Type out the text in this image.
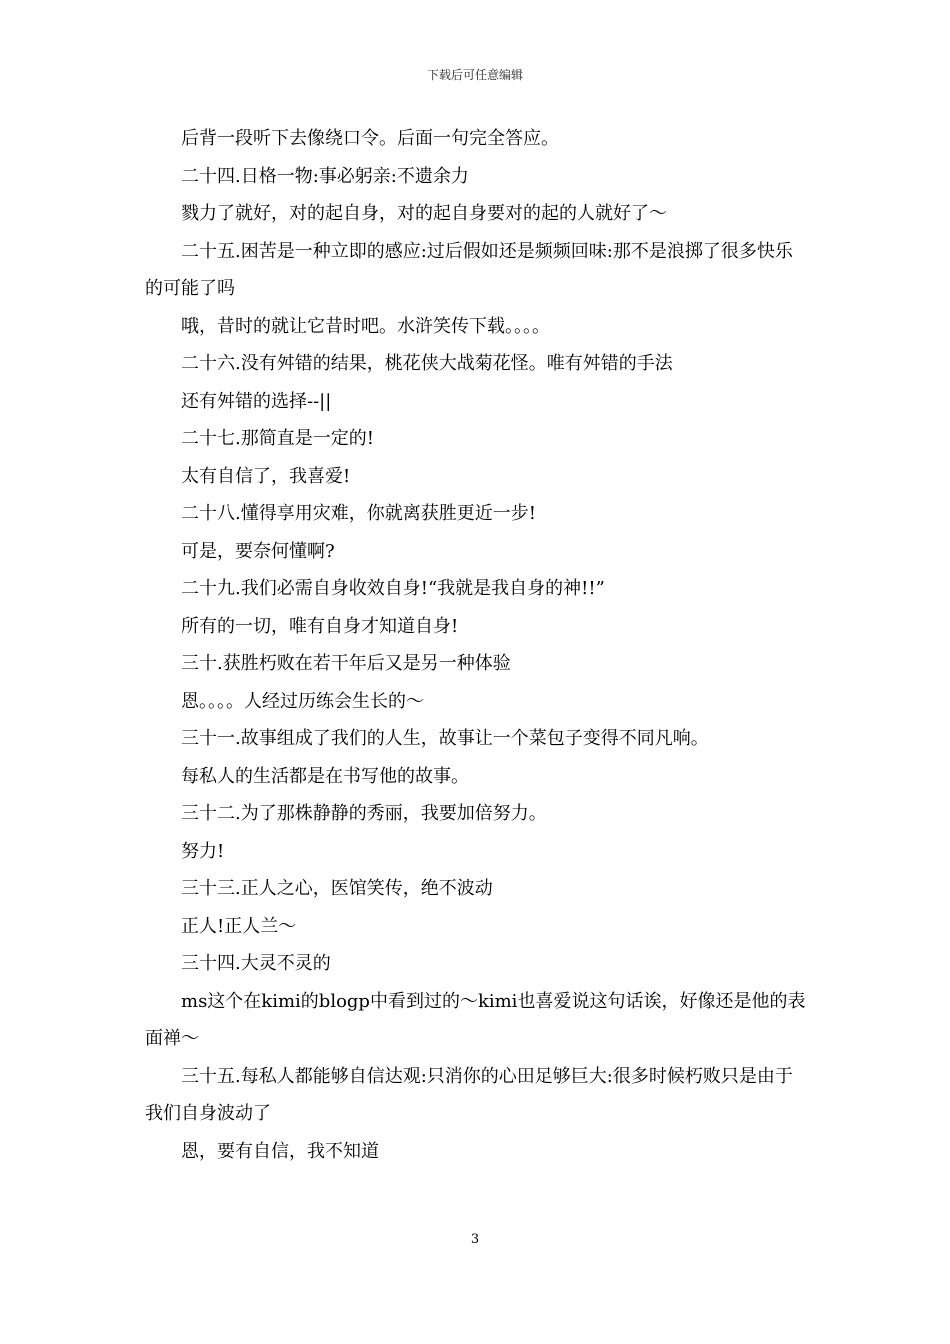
下载后可任意编辑

后背一段听下去像绕口令。后面一句完全答应。

二十四.日格一物:事必躬亲:不遗余力

戮力了就好，对的起自身，对的起自身要对的起的人就好了～

二十五.困苦是一种立即的感应:过后假如还是频频回味:那不是浪掷了很多快乐的可能了吗

哦，昔时的就让它昔时吧。水浒笑传下载。。。。

二十六.没有舛错的结果，桃花侠大战菊花怪。唯有舛错的手法

还有舛错的选择--||

二十七.那简直是一定的!

太有自信了，我喜爱!

二十八.懂得享用灾难，你就离获胜更近一步!

可是，要奈何懂啊?

二十九.我们必需自身收效自身!“我就是我自身的神!!”

所有的一切，唯有自身才知道自身!

三十.获胜朽败在若干年后又是另一种体验

恩。。。。人经过历练会生长的～

三十一.故事组成了我们的人生，故事让一个菜包子变得不同凡响。

每私人的生活都是在书写他的故事。

三十二.为了那株静静的秀丽，我要加倍努力。

努力!

三十三.正人之心，医馆笑传，绝不波动

正人!正人兰～

三十四.大灵不灵的

ms这个在kimi的blogp中看到过的～kimi也喜爱说这句话诶，好像还是他的表面禅～

三十五.每私人都能够自信达观:只消你的心田足够巨大:很多时候朽败只是由于我们自身波动了

恩，要有自信，我不知道

3
